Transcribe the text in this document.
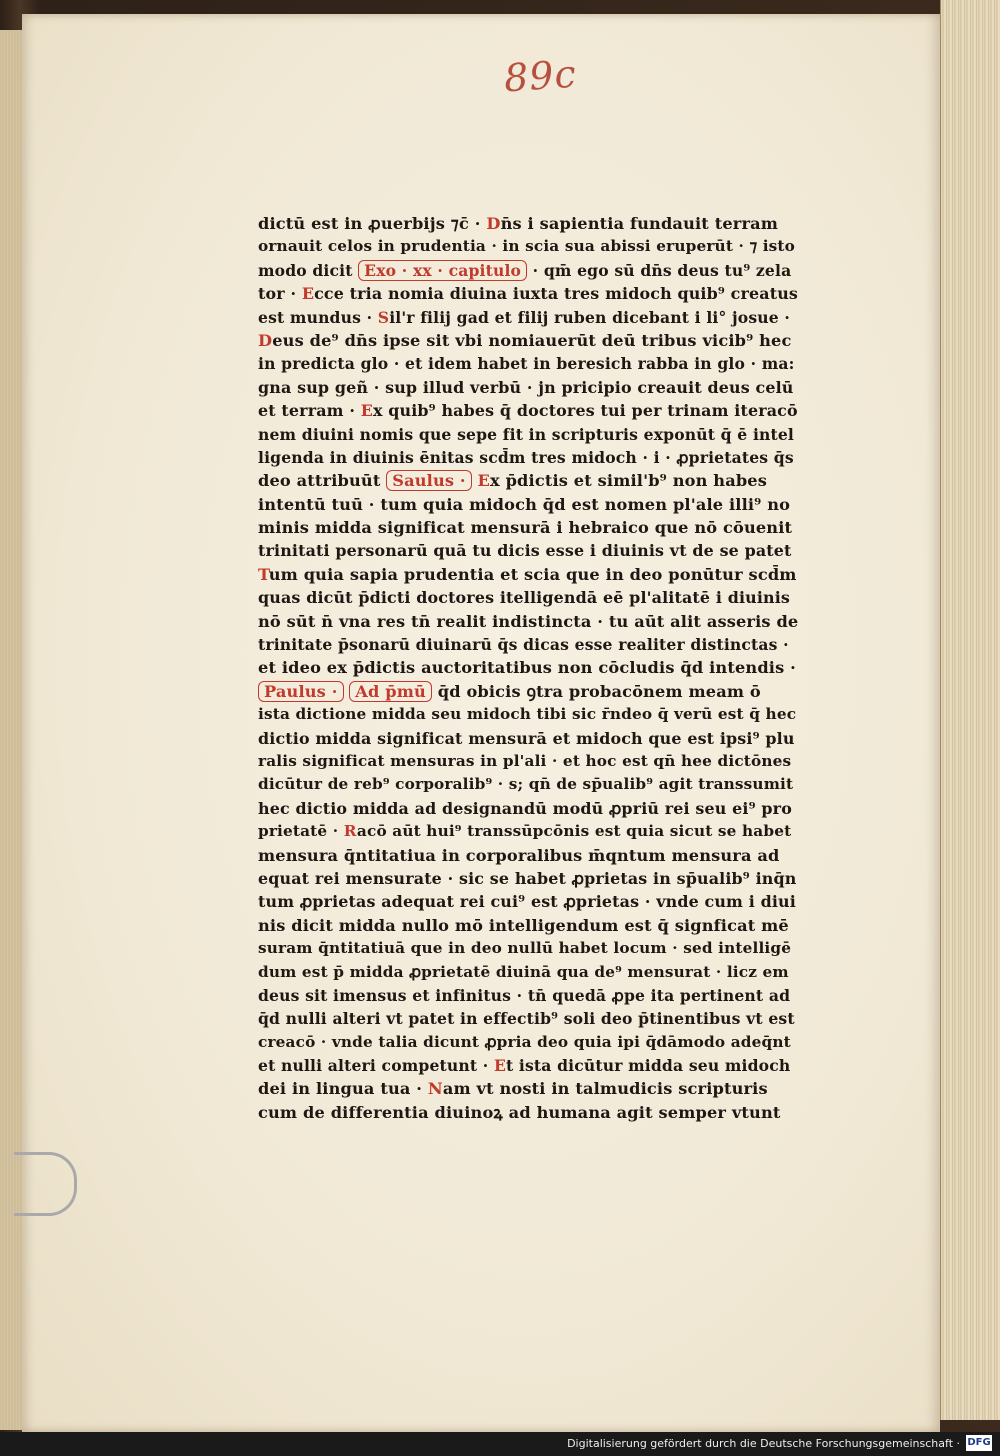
89c
dictū est in ꝓuerbijs ⁊c̄ · Dn̄s i sapientia fundauit terram
ornauit celos in prudentia · in scia sua abissi eruperūt · ⁊ isto
modo dicit Exo · xx · capitulo · qm̄ ego sū dn̄s deus tu⁹ zela
tor · Ecce tria nomia diuina iuxta tres midoch quib⁹ creatus
est mundus · Sil'r filij gad et filij ruben dicebant i li° josue ·
Deus de⁹ dn̄s ipse sit vbi nomiauerūt deū tribus vicib⁹ hec
in predicta glo · et idem habet in beresich rabba in glo · ma:
gna sup geñ · sup illud verbū · jn pricipio creauit deus celū
et terram · Ex quib⁹ habes q̄ doctores tui per trinam iteracō
nem diuini nomis que sepe fit in scripturis exponūt q̄ ē intel
ligenda in diuinis ēnitas scd̄m tres midoch · i · ꝓprietates q̄s
deo attribuūt Saulus · Ex p̄dictis et simil'b⁹ non habes
intentū tuū · tum quia midoch q̄d est nomen pl'ale illi⁹ no
minis midda significat mensurā i hebraico que nō cōuenit
trinitati personarū quā tu dicis esse i diuinis vt de se patet
Tum quia sapia prudentia et scia que in deo ponūtur scd̄m
quas dicūt p̄dicti doctores itelligendā eē pl'alitatē i diuinis
nō sūt n̄ vna res tn̄ realit indistincta · tu aūt alit asseris de
trinitate p̄sonarū diuinarū q̄s dicas esse realiter distinctas ·
et ideo ex p̄dictis auctoritatibus non cōcludis q̄d intendis ·
Paulus · Ad p̄mū q̄d obicis ꝯtra probacōnem meam ō
ista dictione midda seu midoch tibi sic r̄ndeo q̄ verū est q̄ hec
dictio midda significat mensurā et midoch que est ipsi⁹ plu
ralis significat mensuras in pl'ali · et hoc est qn̄ hee dictōnes
dicūtur de reb⁹ corporalib⁹ · s; qn̄ de sp̄ualib⁹ agit transsumit
hec dictio midda ad designandū modū ꝓpriū rei seu ei⁹ pro
prietatē · Racō aūt hui⁹ transsūpcōnis est quia sicut se habet
mensura q̄ntitatiua in corporalibus m̄qntum mensura ad
equat rei mensurate · sic se habet ꝓprietas in sp̄ualib⁹ inq̄n
tum ꝓprietas adequat rei cui⁹ est ꝓprietas · vnde cum i diui
nis dicit midda nullo mō intelligendum est q̄ signficat mē
suram q̄ntitatiuā que in deo nullū habet locum · sed intelligē
dum est p̄ midda ꝓprietatē diuinā qua de⁹ mensurat · licz em
deus sit imensus et infinitus · tn̄ quedā ꝓpe ita pertinent ad
q̄d nulli alteri vt patet in effectib⁹ soli deo p̄tinentibus vt est
creacō · vnde talia dicunt ꝓpria deo quia ipi q̄dāmodo adeq̄nt
et nulli alteri competunt · Et ista dicūtur midda seu midoch
dei in lingua tua · Nam vt nosti in talmudicis scripturis
cum de differentia diuinoꝝ ad humana agit semper vtunt
Digitalisierung gefördert durch die Deutsche Forschungsgemeinschaft · DFG
